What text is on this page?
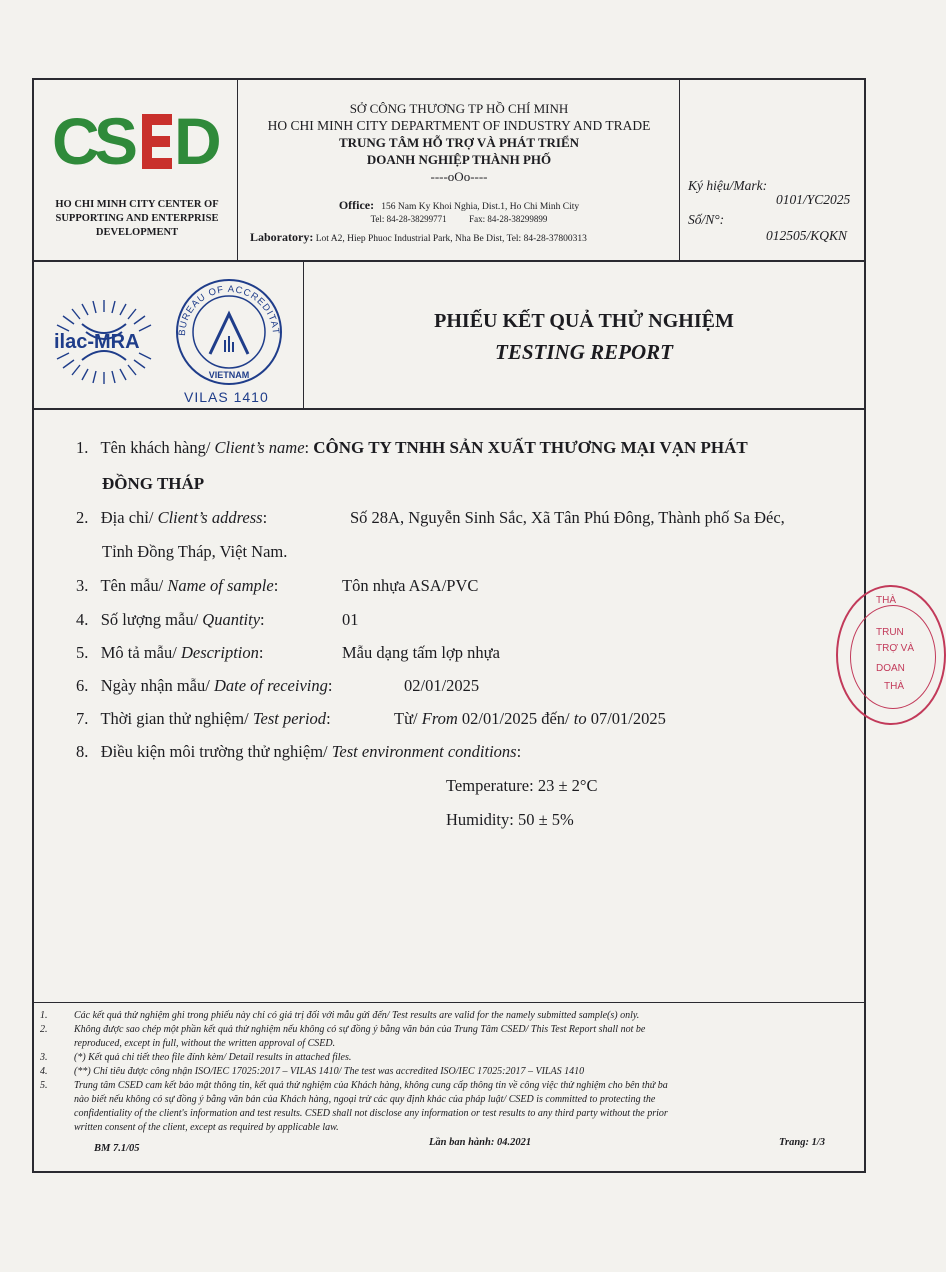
C
S D
HO CHI MINH CITY CENTER OF
SUPPORTING AND ENTERPRISE
DEVELOPMENT
SỞ CÔNG THƯƠNG TP HỒ CHÍ MINH
HO CHI MINH CITY DEPARTMENT OF INDUSTRY AND TRADE
TRUNG TÂM HỖ TRỢ VÀ PHÁT TRIỂN
DOANH NGHIỆP THÀNH PHỐ
----oOo----
Office: 156 Nam Ky Khoi Nghia, Dist.1, Ho Chi Minh City
Tel: 84-28-38299771	Fax: 84-28-38299899
Laboratory: Lot A2, Hiep Phuoc Industrial Park, Nha Be Dist, Tel: 84-28-37800313
Ký hiệu/Mark:
0101/YC2025
Số/N°:
012505/KQKN
ilac-MRA	BUREAU OF ACCREDITAT
VIETNAM
VILAS 1410
PHIẾU KẾT QUẢ THỬ NGHIỆM
TESTING REPORT
1. Tên khách hàng/ Client’s name: CÔNG TY TNHH SẢN XUẤT THƯƠNG MẠI VẠN PHÁT
ĐỒNG THÁP
2. Địa chỉ/ Client’s address:	Số 28A, Nguyễn Sinh Sắc, Xã Tân Phú Đông, Thành phố Sa Đéc,
Tỉnh Đồng Tháp, Việt Nam.
3. Tên mẫu/ Name of sample:	Tôn nhựa ASA/PVC
4. Số lượng mẫu/ Quantity:	01
5. Mô tả mẫu/ Description:	Mẫu dạng tấm lợp nhựa
6. Ngày nhận mẫu/ Date of receiving:	02/01/2025
7. Thời gian thử nghiệm/ Test period:	Từ/ From 02/01/2025 đến/ to 07/01/2025
8. Điều kiện môi trường thử nghiệm/ Test environment conditions:
Temperature: 23 ± 2°C
Humidity: 50 ± 5%
1.	Các kết quả thử nghiệm ghi trong phiếu này chỉ có giá trị đối với mẫu gửi đến/ Test results are valid for the namely submitted sample(s) only.
2.	Không được sao chép một phần kết quả thử nghiệm nếu không có sự đồng ý bằng văn bản của Trung Tâm CSED/ This Test Report shall not be
reproduced, except in full, without the written approval of CSED.
3.	(*) Kết quả chi tiết theo file đính kèm/ Detail results in attached files.
4.	(**) Chỉ tiêu được công nhận ISO/IEC 17025:2017 – VILAS 1410/ The test was accredited ISO/IEC 17025:2017 – VILAS 1410
5.	Trung tâm CSED cam kết bảo mật thông tin, kết quả thử nghiệm của Khách hàng, không cung cấp thông tin về công việc thử nghiệm cho bên thứ ba
nào biết nếu không có sự đồng ý bằng văn bản của Khách hàng, ngoại trừ các quy định khác của pháp luật/ CSED is committed to protecting the
confidentiality of the client's information and test results. CSED shall not disclose any information or test results to any third party without the prior
written consent of the client, except as required by applicable law.
BM 7.1/05
Lần ban hành: 04.2021	Trang: 1/3
THÀ
TRUN
TRỢ VÀ
DOAN
THÀ
